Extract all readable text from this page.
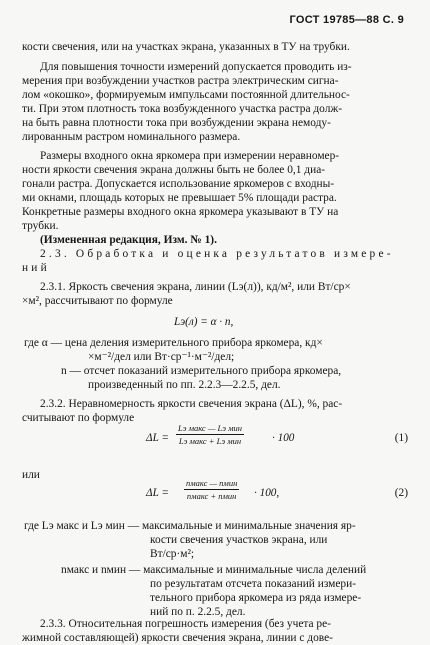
ГОСТ 19785—88 С. 9
кости свечения, или на участках экрана, указанных в ТУ на трубки.
Для повышения точности измерений допускается проводить из-
мерения при возбуждении участков растра электрическим сигна-
лом «окошко», формируемым импульсами постоянной длительнос-
ти. При этом плотность тока возбужденного участка растра долж-
на быть равна плотности тока при возбуждении экрана немоду-
лированным растром номинального размера.
Размеры входного окна яркомера при измерении неравномер-
ности яркости свечения экрана должны быть не более 0,1 диа-
гонали растра. Допускается использование яркомеров с входны-
ми окнами, площадь которых не превышает 5% площади растра.
Конкретные размеры входного окна яркомера указывают в ТУ на
трубки.
(Измененная редакция, Изм. № 1).
2.3. Обработка и оценка результатов измере-
ний
2.3.1. Яркость свечения экрана, линии (Lэ(л)), кд/м², или Вт/ср×
×м², рассчитывают по формуле
где α — цена деления измерительного прибора яркомера, кд×
×м⁻²/дел или Вт·ср⁻¹·м⁻²/дел;
n — отсчет показаний измерительного прибора яркомера,
произведенный по пп. 2.2.3—2.2.5, дел.
2.3.2. Неравномерность яркости свечения экрана (ΔL), %, рас-
считывают по формуле
или
где Lэ макс и Lэ мин — максимальные и минимальные значения яр-
кости свечения участков экрана, или
Вт/ср·м²;
nмакс и nмин — максимальные и минимальные числа делений
по результатам отсчета показаний измери-
тельного прибора яркомера из ряда измере-
ний по п. 2.2.5, дел.
2.3.3. Относительная погрешность измерения (без учета ре-
жимной составляющей) яркости свечения экрана, линии с дове-
Lэ(л) = α · n,
ΔL =
Lэ макс — Lэ мин
Lэ макс + Lэ мин	· 100	(1)
ΔL =
nмакс — nмин
nмакс + nмин · 100,	(2)
